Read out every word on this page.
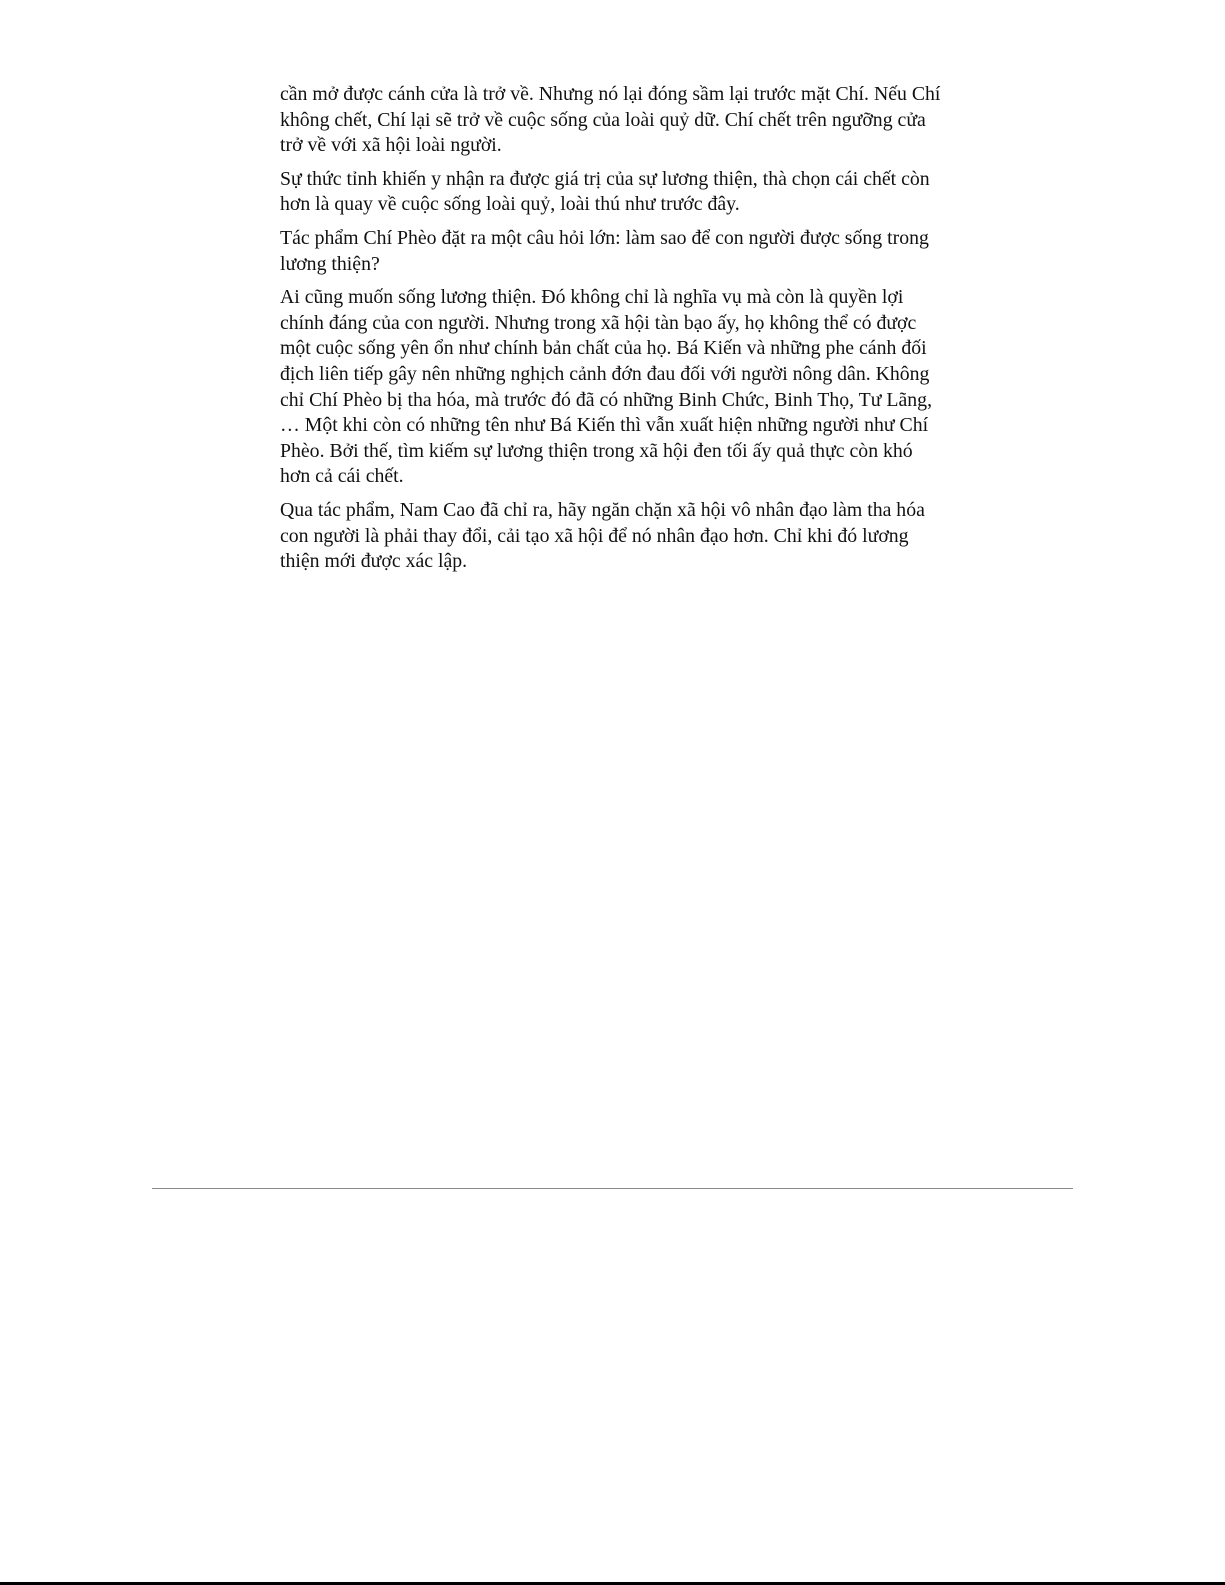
cần mở được cánh cửa là trở về. Nhưng nó lại đóng sầm lại trước mặt Chí. Nếu Chí
không chết, Chí lại sẽ trở về cuộc sống của loài quỷ dữ. Chí chết trên ngưỡng cửa
trở về với xã hội loài người.

Sự thức tỉnh khiến y nhận ra được giá trị của sự lương thiện, thà chọn cái chết còn
hơn là quay về cuộc sống loài quỷ, loài thú như trước đây.

Tác phẩm Chí Phèo đặt ra một câu hỏi lớn: làm sao để con người được sống trong
lương thiện?

Ai cũng muốn sống lương thiện. Đó không chỉ là nghĩa vụ mà còn là quyền lợi
chính đáng của con người. Nhưng trong xã hội tàn bạo ấy, họ không thể có được
một cuộc sống yên ổn như chính bản chất của họ. Bá Kiến và những phe cánh đối
địch liên tiếp gây nên những nghịch cảnh đớn đau đối với người nông dân. Không
chỉ Chí Phèo bị tha hóa, mà trước đó đã có những Binh Chức, Binh Thọ, Tư Lãng,
… Một khi còn có những tên như Bá Kiến thì vẫn xuất hiện những người như Chí
Phèo. Bởi thế, tìm kiếm sự lương thiện trong xã hội đen tối ấy quả thực còn khó
hơn cả cái chết.

Qua tác phẩm, Nam Cao đã chỉ ra, hãy ngăn chặn xã hội vô nhân đạo làm tha hóa
con người là phải thay đổi, cải tạo xã hội để nó nhân đạo hơn. Chỉ khi đó lương
thiện mới được xác lập.
